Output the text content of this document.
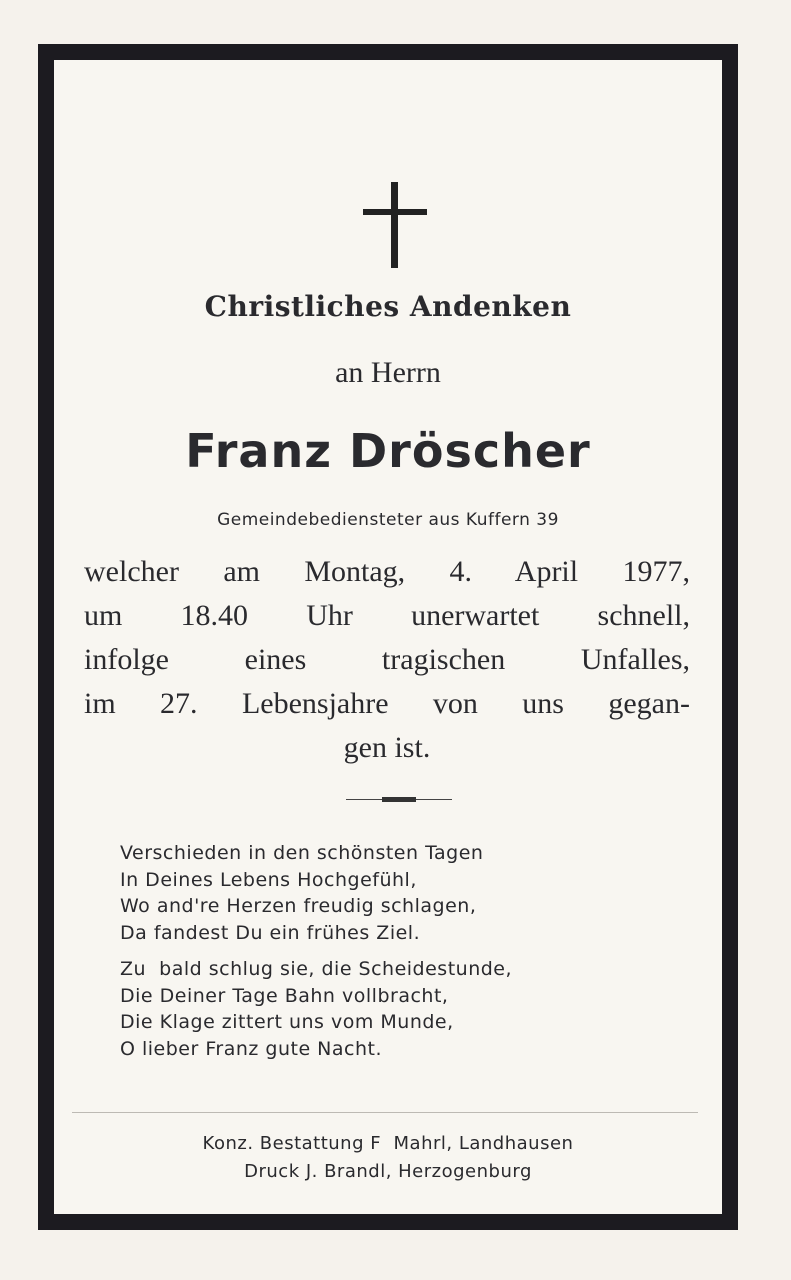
Christliches Andenken
an Herrn
Franz Dröscher
Gemeindebediensteter aus Kuffern 39
welcher am Montag, 4. April 1977,
um 18.40 Uhr unerwartet schnell,
infolge eines tragischen Unfalles,
im 27. Lebensjahre von uns gegan-
gen ist.
Verschieden in den schönsten Tagen
In Deines Lebens Hochgefühl,
Wo and're Herzen freudig schlagen,
Da fandest Du ein frühes Ziel.
Zu  bald schlug sie, die Scheidestunde,
Die Deiner Tage Bahn vollbracht,
Die Klage zittert uns vom Munde,
O lieber Franz gute Nacht.
Konz. Bestattung F  Mahrl, Landhausen
Druck J. Brandl, Herzogenburg
